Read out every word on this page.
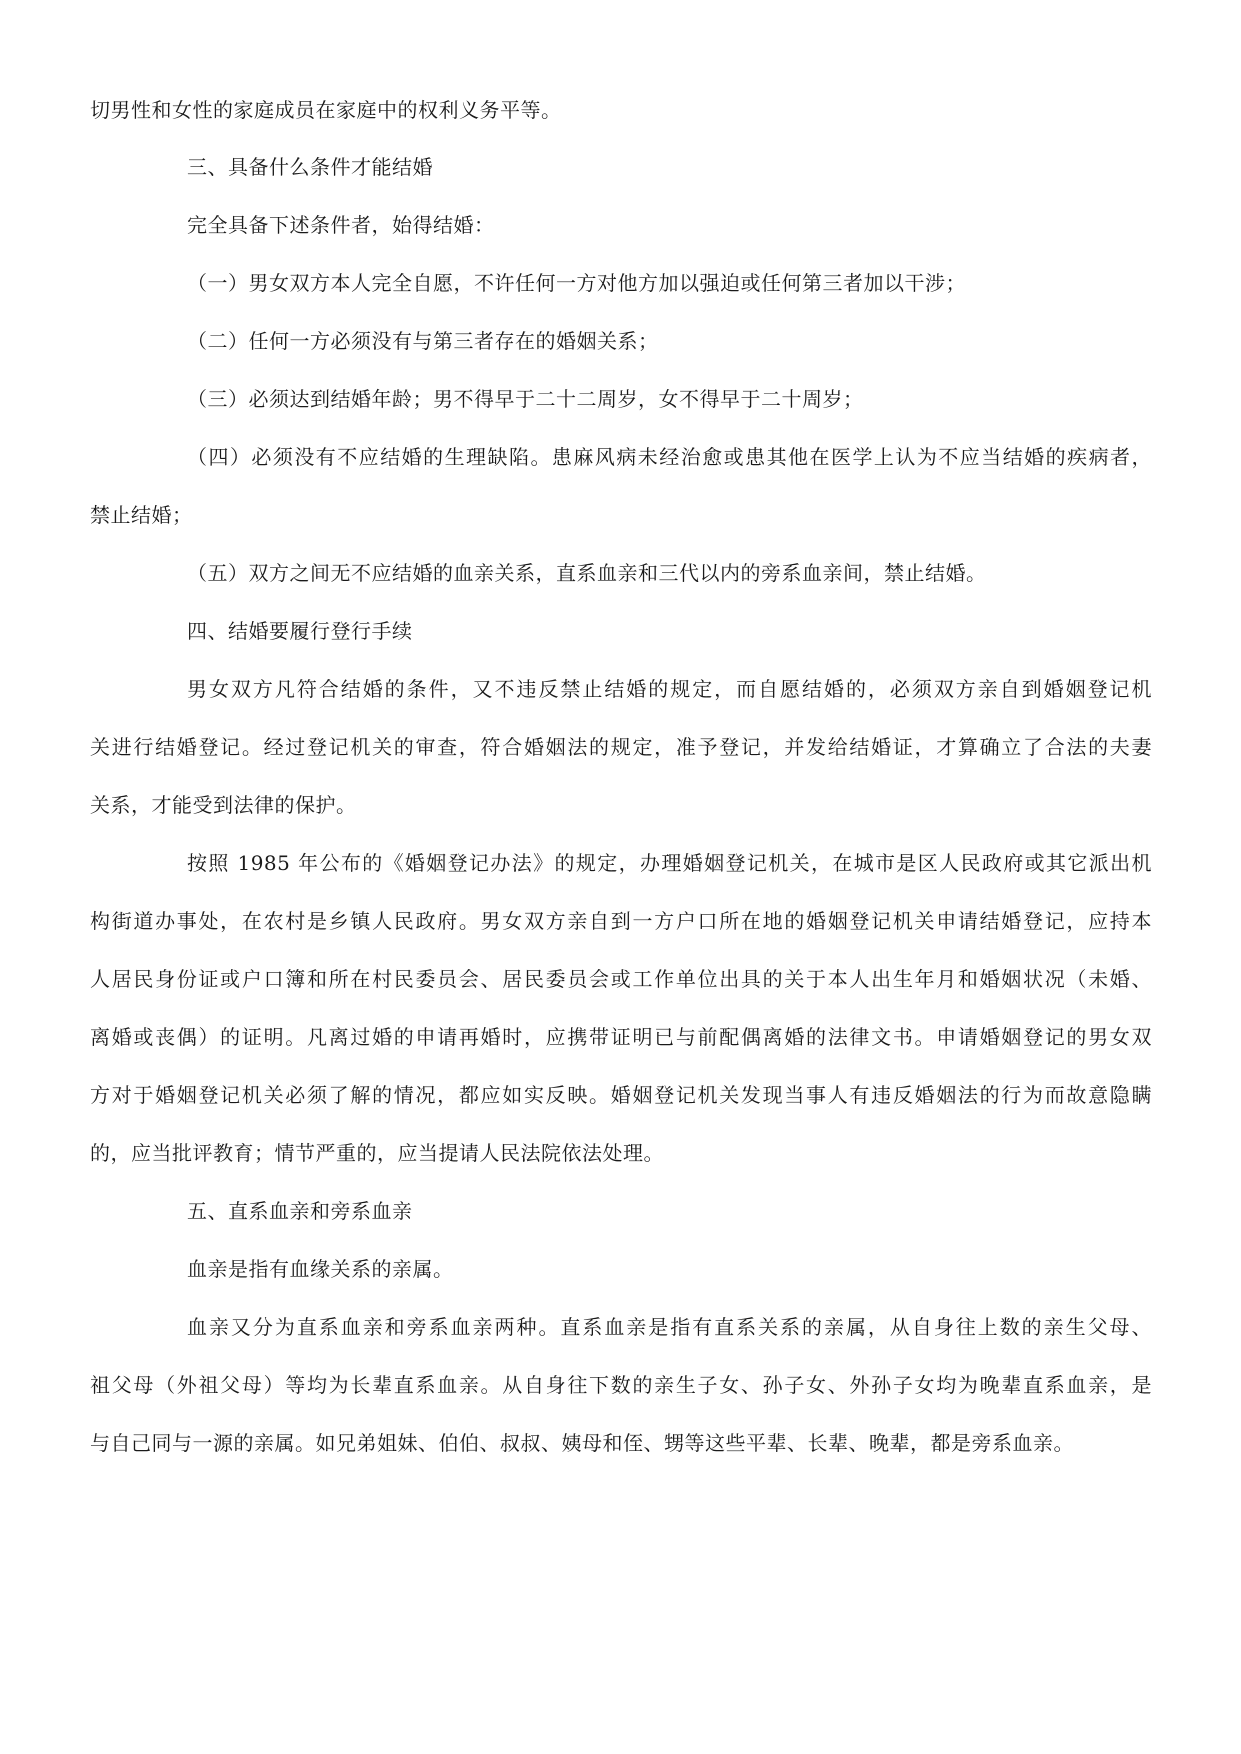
切男性和女性的家庭成员在家庭中的权利义务平等。
三、具备什么条件才能结婚
完全具备下述条件者，始得结婚：
（一）男女双方本人完全自愿，不许任何一方对他方加以强迫或任何第三者加以干涉；
（二）任何一方必须没有与第三者存在的婚姻关系；
（三）必须达到结婚年龄；男不得早于二十二周岁，女不得早于二十周岁；
（四）必须没有不应结婚的生理缺陷。患麻风病未经治愈或患其他在医学上认为不应当结婚的疾病者，
禁止结婚；
（五）双方之间无不应结婚的血亲关系，直系血亲和三代以内的旁系血亲间，禁止结婚。
四、结婚要履行登行手续
男女双方凡符合结婚的条件，又不违反禁止结婚的规定，而自愿结婚的，必须双方亲自到婚姻登记机
关进行结婚登记。经过登记机关的审查，符合婚姻法的规定，准予登记，并发给结婚证，才算确立了合法的夫妻
关系，才能受到法律的保护。
按照 1985 年公布的《婚姻登记办法》的规定，办理婚姻登记机关，在城市是区人民政府或其它派出机
构街道办事处，在农村是乡镇人民政府。男女双方亲自到一方户口所在地的婚姻登记机关申请结婚登记，应持本
人居民身份证或户口簿和所在村民委员会、居民委员会或工作单位出具的关于本人出生年月和婚姻状况（未婚、
离婚或丧偶）的证明。凡离过婚的申请再婚时，应携带证明已与前配偶离婚的法律文书。申请婚姻登记的男女双
方对于婚姻登记机关必须了解的情况，都应如实反映。婚姻登记机关发现当事人有违反婚姻法的行为而故意隐瞒
的，应当批评教育；情节严重的，应当提请人民法院依法处理。
五、直系血亲和旁系血亲
血亲是指有血缘关系的亲属。
血亲又分为直系血亲和旁系血亲两种。直系血亲是指有直系关系的亲属，从自身往上数的亲生父母、
祖父母（外祖父母）等均为长辈直系血亲。从自身往下数的亲生子女、孙子女、外孙子女均为晚辈直系血亲，是
与自己同与一源的亲属。如兄弟姐妹、伯伯、叔叔、姨母和侄、甥等这些平辈、长辈、晚辈，都是旁系血亲。
